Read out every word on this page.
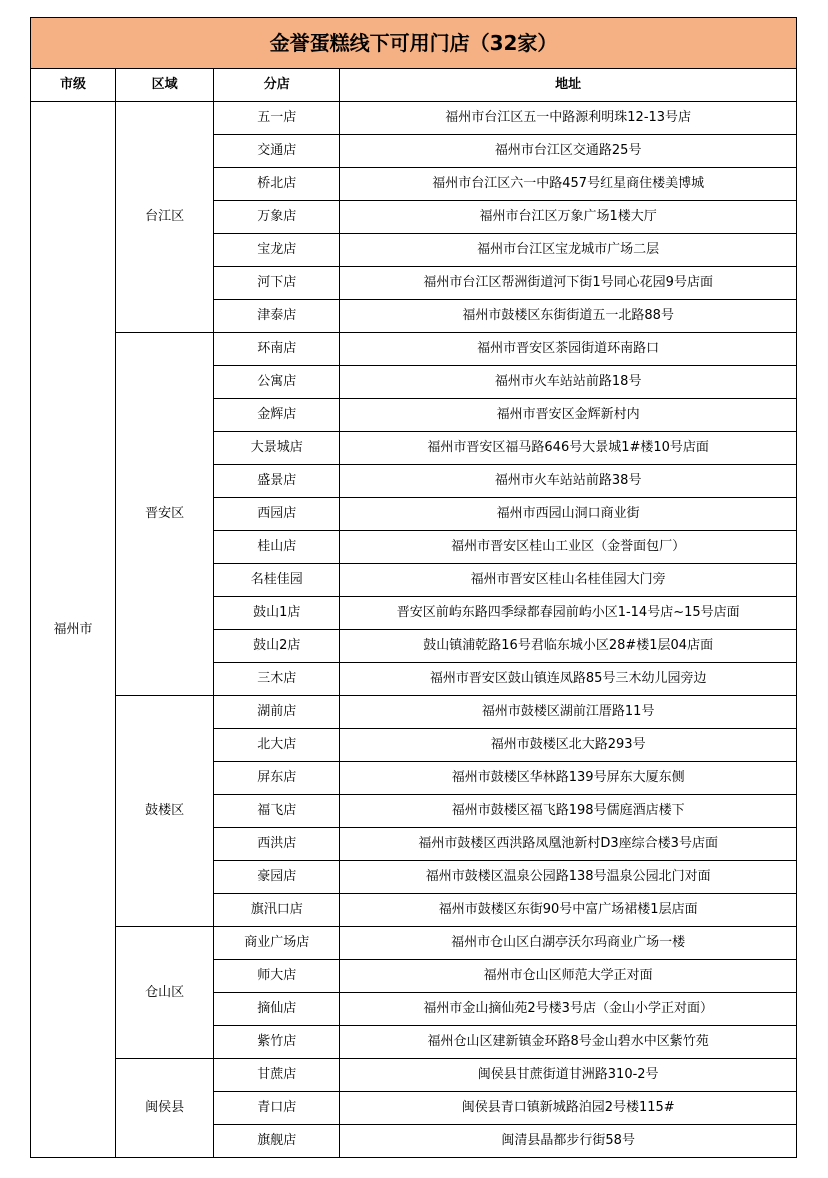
金誉蛋糕线下可用门店（32家）			
市级	区域	分店	地址
福州市	台江区	五一店	福州市台江区五一中路源利明珠12-13号店
		交通店	福州市台江区交通路25号
		桥北店	福州市台江区六一中路457号红星商住楼美博城
		万象店	福州市台江区万象广场1楼大厅
		宝龙店	福州市台江区宝龙城市广场二层
		河下店	福州市台江区帮洲街道河下街1号同心花园9号店面
		津泰店	福州市鼓楼区东街街道五一北路88号
	晋安区	环南店	福州市晋安区茶园街道环南路口
		公寓店	福州市火车站站前路18号
		金辉店	福州市晋安区金辉新村内
		大景城店	福州市晋安区福马路646号大景城1#楼10号店面
		盛景店	福州市火车站站前路38号
		西园店	福州市西园山洞口商业街
		桂山店	福州市晋安区桂山工业区（金誉面包厂）
		名桂佳园	福州市晋安区桂山名桂佳园大门旁
		鼓山1店	晋安区前屿东路四季绿都春园前屿小区1-14号店~15号店面
		鼓山2店	鼓山镇浦乾路16号君临东城小区28#楼1层04店面
		三木店	福州市晋安区鼓山镇连凤路85号三木幼儿园旁边
	鼓楼区	湖前店	福州市鼓楼区湖前江厝路11号
		北大店	福州市鼓楼区北大路293号
		屏东店	福州市鼓楼区华林路139号屏东大厦东侧
		福飞店	福州市鼓楼区福飞路198号儒庭酒店楼下
		西洪店	福州市鼓楼区西洪路凤凰池新村D3座综合楼3号店面
		豪园店	福州市鼓楼区温泉公园路138号温泉公园北门对面
		旗汛口店	福州市鼓楼区东街90号中富广场裙楼1层店面
	仓山区	商业广场店	福州市仓山区白湖亭沃尔玛商业广场一楼
		师大店	福州市仓山区师范大学正对面
		摘仙店	福州市金山摘仙苑2号楼3号店（金山小学正对面）
		紫竹店	福州仓山区建新镇金环路8号金山碧水中区紫竹苑
	闽侯县	甘蔗店	闽侯县甘蔗街道甘洲路310-2号
		青口店	闽侯县青口镇新城路泊园2号楼115#
		旗舰店	闽清县晶都步行街58号
